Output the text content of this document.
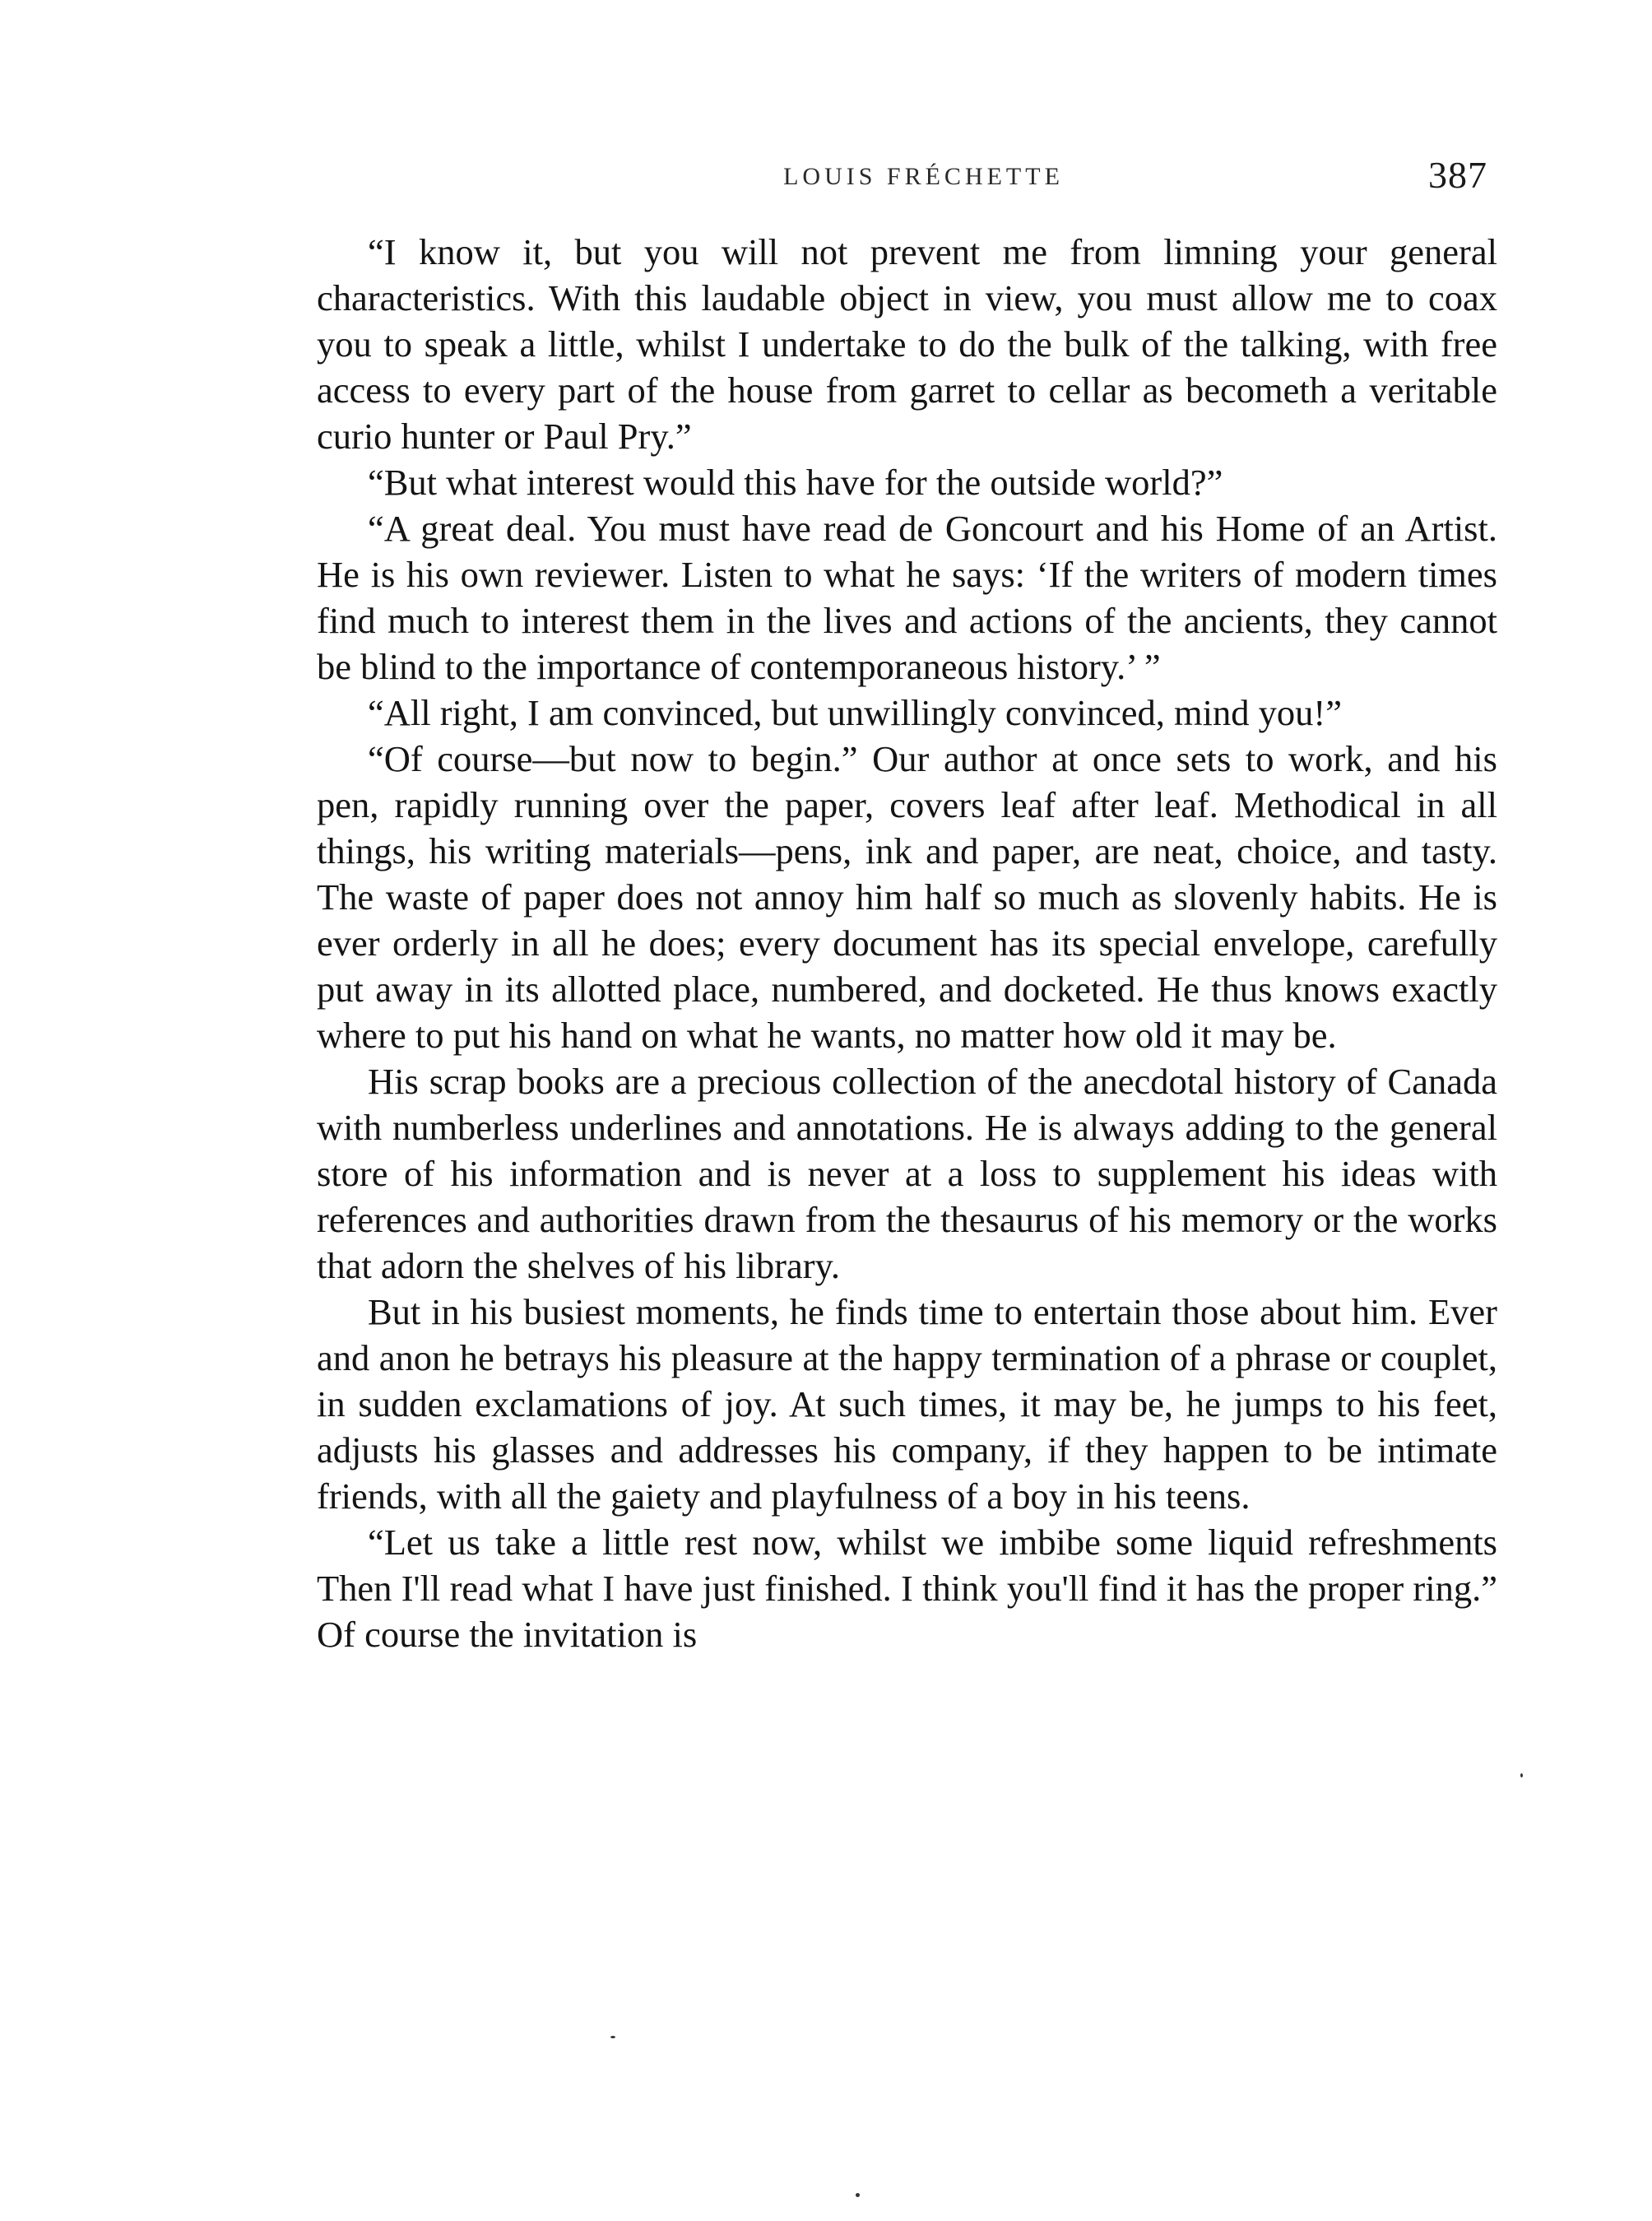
LOUIS FRÉCHETTE	387

“I know it, but you will not prevent me from limning your general characteristics. With this laudable object in view, you must allow me to coax you to speak a little, whilst I undertake to do the bulk of the talking, with free access to every part of the house from garret to cellar as becometh a veritable curio hunter or Paul Pry.”

“But what interest would this have for the outside world?”

“A great deal. You must have read de Goncourt and his Home of an Artist. He is his own reviewer. Listen to what he says: ‘If the writers of modern times find much to interest them in the lives and actions of the ancients, they cannot be blind to the importance of contemporaneous history.’ ”

“All right, I am convinced, but unwillingly convinced, mind you!”

“Of course—but now to begin.” Our author at once sets to work, and his pen, rapidly running over the paper, covers leaf after leaf. Methodical in all things, his writing materials—pens, ink and paper, are neat, choice, and tasty. The waste of paper does not annoy him half so much as slovenly habits. He is ever orderly in all he does; every document has its special envelope, carefully put away in its allotted place, numbered, and docketed. He thus knows exactly where to put his hand on what he wants, no matter how old it may be.

His scrap books are a precious collection of the anecdotal history of Canada with numberless underlines and annotations. He is always adding to the general store of his information and is never at a loss to supplement his ideas with references and authorities drawn from the thesaurus of his memory or the works that adorn the shelves of his library.

But in his busiest moments, he finds time to entertain those about him. Ever and anon he betrays his pleasure at the happy termination of a phrase or couplet, in sudden exclamations of joy. At such times, it may be, he jumps to his feet, adjusts his glasses and addresses his company, if they happen to be intimate friends, with all the gaiety and playfulness of a boy in his teens.

“Let us take a little rest now, whilst we imbibe some liquid refreshments Then I'll read what I have just finished. I think you'll find it has the proper ring.” Of course the invitation is
